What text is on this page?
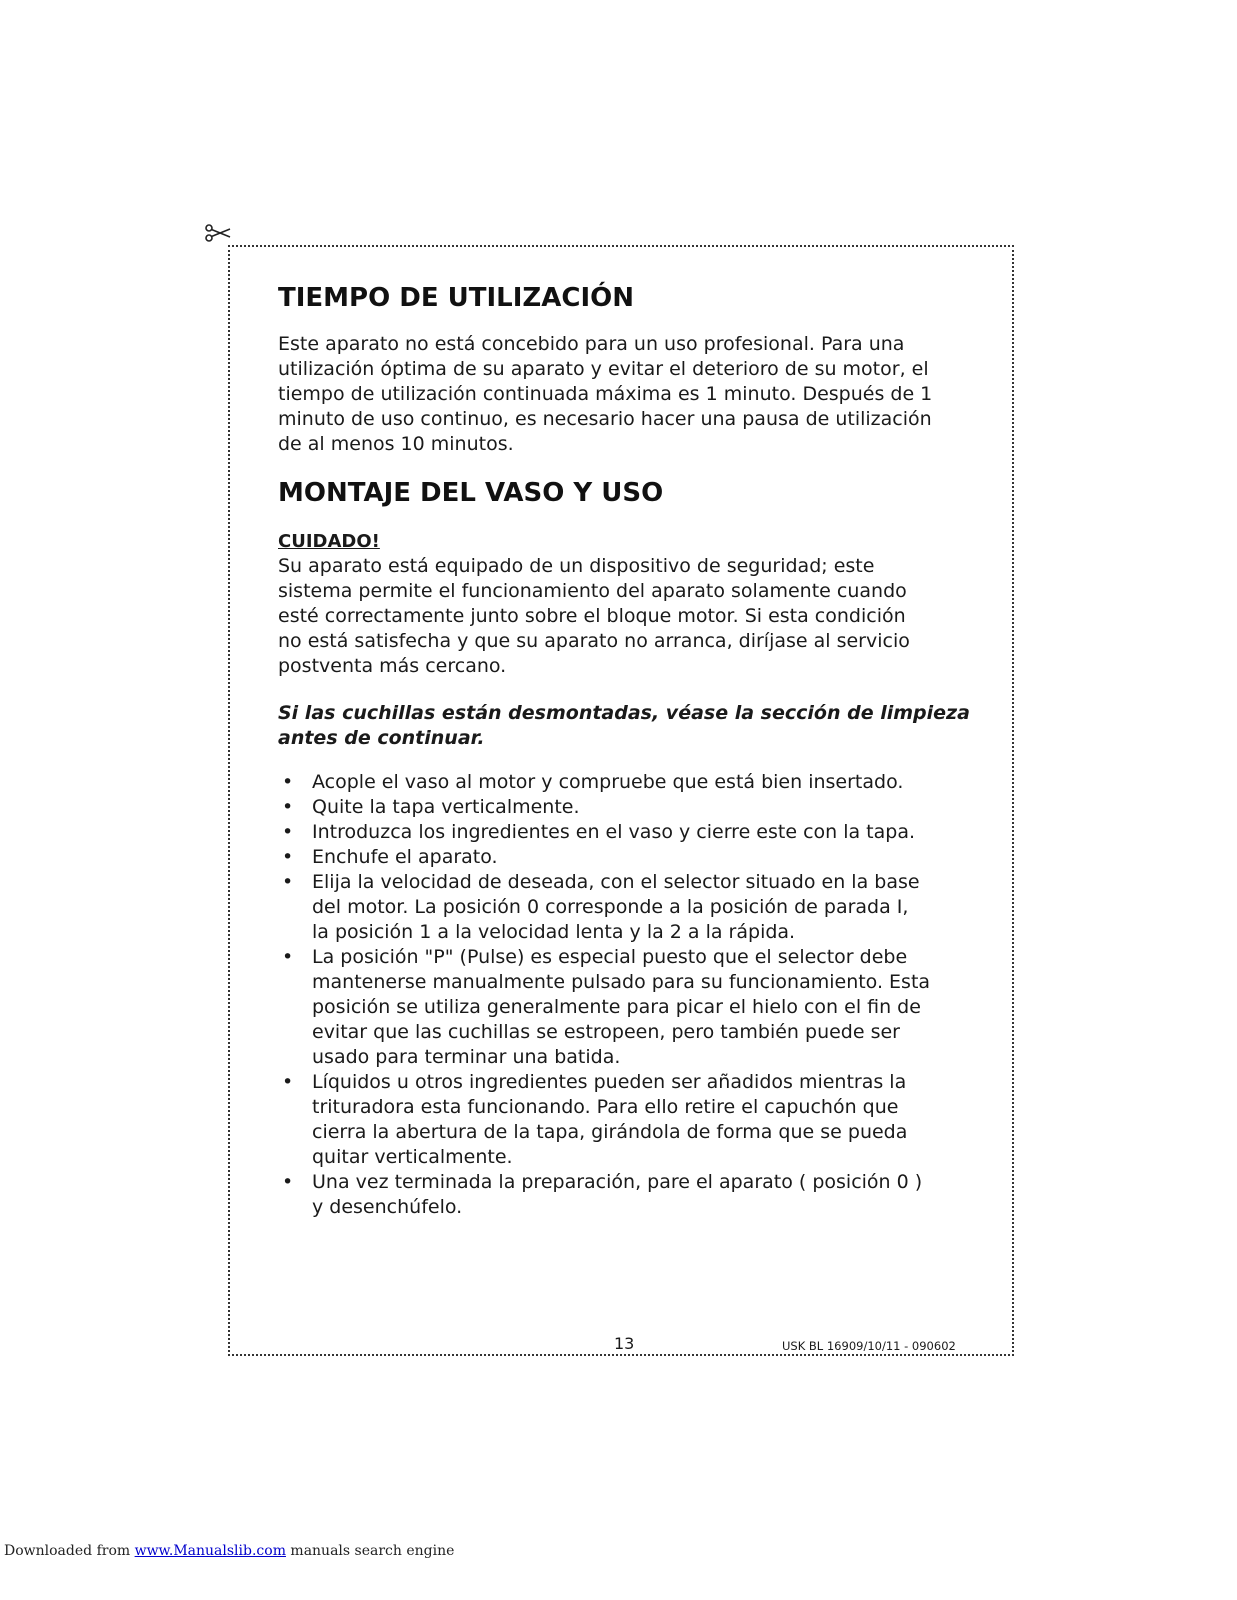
TIEMPO DE UTILIZACIÓN

Este aparato no está concebido para un uso profesional. Para una
utilización óptima de su aparato y evitar el deterioro de su motor, el
tiempo de utilización continuada máxima es 1 minuto. Después de 1
minuto de uso continuo, es necesario hacer una pausa de utilización
de al menos 10 minutos.

MONTAJE DEL VASO Y USO
CUIDADO!

Su aparato está equipado de un dispositivo de seguridad; este
sistema permite el funcionamiento del aparato solamente cuando
esté correctamente junto sobre el bloque motor. Si esta condición
no está satisfecha y que su aparato no arranca, diríjase al servicio
postventa más cercano.

Si las cuchillas están desmontadas, véase la sección de limpieza
antes de continuar.

• Acople el vaso al motor y compruebe que está bien insertado.
• Quite la tapa verticalmente.
• Introduzca los ingredientes en el vaso y cierre este con la tapa.
• Enchufe el aparato.
• Elija la velocidad de deseada, con el selector situado en la base
del motor. La posición 0 corresponde a la posición de parada I,
la posición 1 a la velocidad lenta y la 2 a la rápida.
• La posición "P" (Pulse) es especial puesto que el selector debe
mantenerse manualmente pulsado para su funcionamiento. Esta
posición se utiliza generalmente para picar el hielo con el fin de
evitar que las cuchillas se estropeen, pero también puede ser
usado para terminar una batida.
• Líquidos u otros ingredientes pueden ser añadidos mientras la
trituradora esta funcionando. Para ello retire el capuchón que
cierra la abertura de la tapa, girándola de forma que se pueda
quitar verticalmente.
• Una vez terminada la preparación, pare el aparato ( posición 0 )
y desenchúfelo.
13	USK BL 16909/10/11 - 090602
Downloaded from www.Manualslib.com manuals search engine
